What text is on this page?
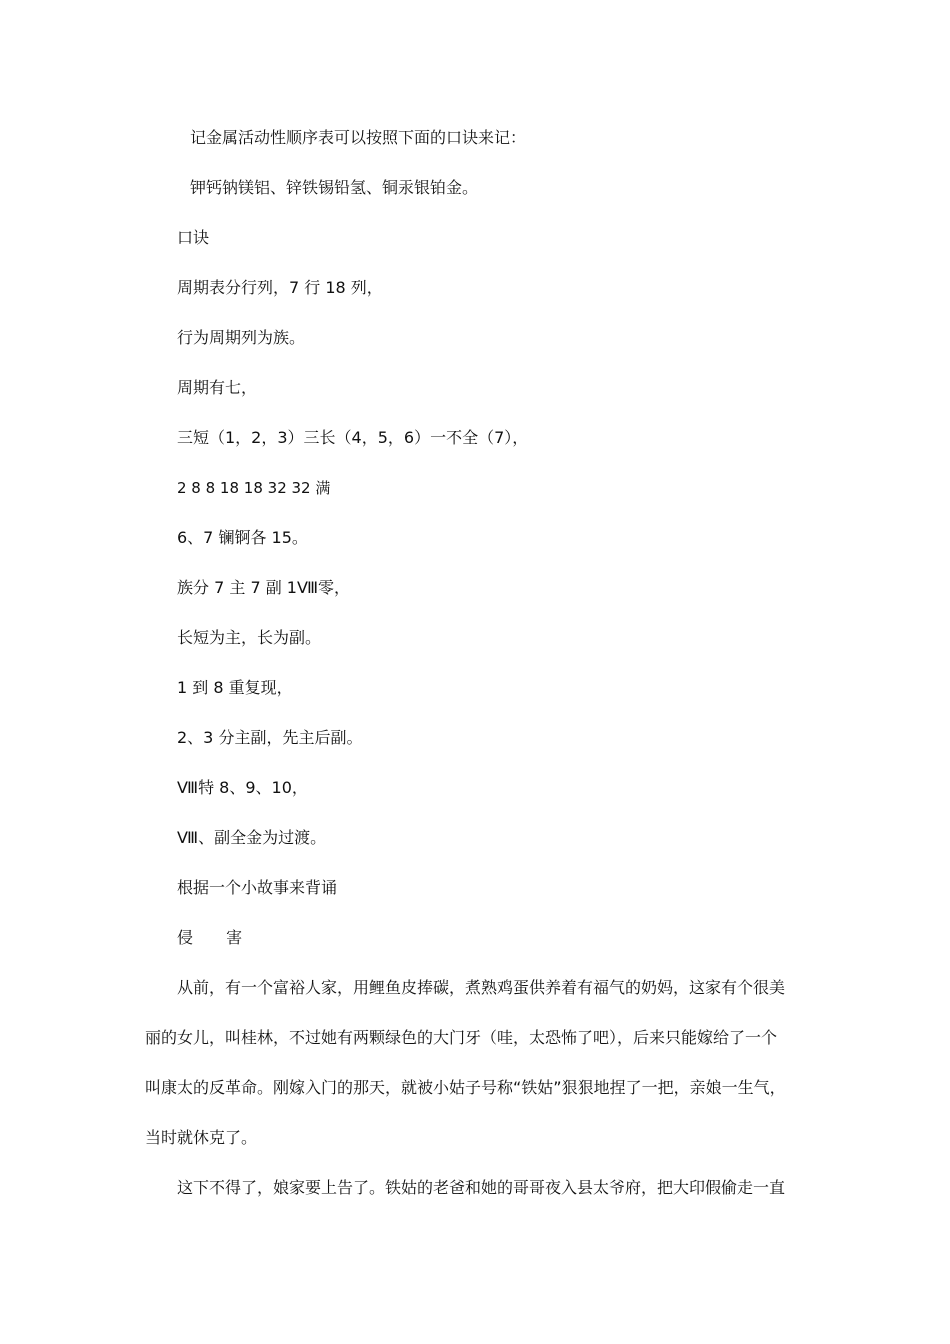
记金属活动性顺序表可以按照下面的口诀来记：
钾钙钠镁铝、锌铁锡铅氢、铜汞银铂金。
口诀
周期表分行列，7 行 18 列，
行为周期列为族。
周期有七，
三短（1，2，3）三长（4，5，6）一不全（7），
2 8 8 18 18 32 32 满
6、7 镧锕各 15。
族分 7 主 7 副 1Ⅷ零，
长短为主，长为副。
1 到 8 重复现，
2、3 分主副，先主后副。
Ⅷ特 8、9、10，
Ⅷ、副全金为过渡。
根据一个小故事来背诵
侵 害
从前，有一个富裕人家，用鲤鱼皮捧碳，煮熟鸡蛋供养着有福气的奶妈，这家有个很美
丽的女儿，叫桂林，不过她有两颗绿色的大门牙（哇，太恐怖了吧），后来只能嫁给了一个
叫康太的反革命。刚嫁入门的那天，就被小姑子号称“铁姑”狠狠地捏了一把，亲娘一生气，
当时就休克了。
这下不得了，娘家要上告了。铁姑的老爸和她的哥哥夜入县太爷府，把大印假偷走一直
